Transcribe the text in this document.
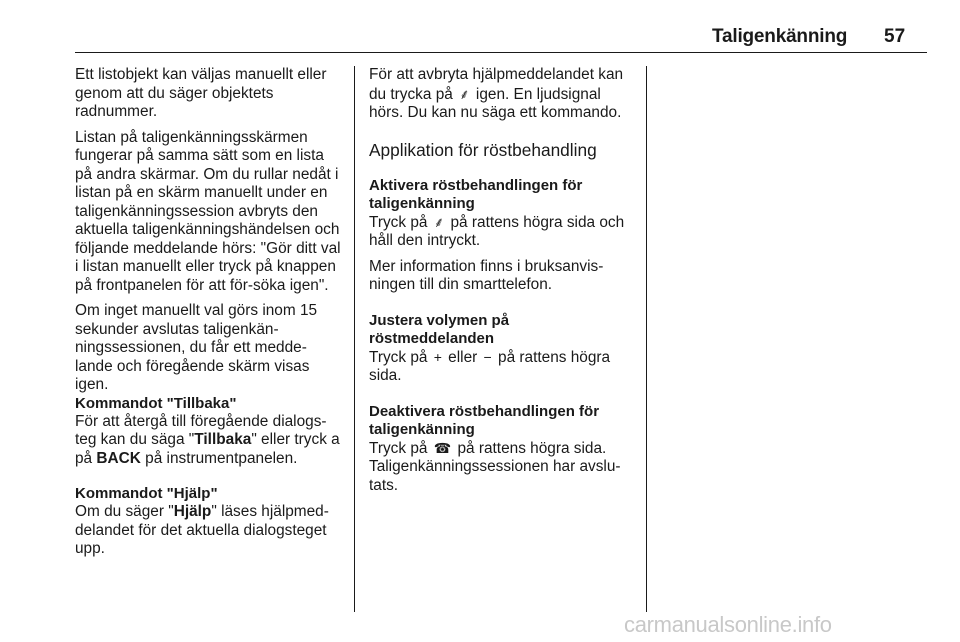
Taligenkänning 57

Ett listobjekt kan väljas manuellt eller genom att du säger objektets radnummer.

Listan på taligenkänningsskärmen fungerar på samma sätt som en lista på andra skärmar. Om du rullar nedåt i listan på en skärm manuellt under en taligenkänningssession avbryts den aktuella taligenkänningshändelsen och följande meddelande hörs: "Gör ditt val i listan manuellt eller tryck på knappen på frontpanelen för att för-söka igen".

Om inget manuellt val görs inom 15 sekunder avslutas taligenkän-ningssessionen, du får ett medde-lande och föregående skärm visas igen.

Kommandot "Tillbaka"

För att återgå till föregående dialogs-teg kan du säga "Tillbaka" eller tryck a på BACK på instrumentpanelen.

Kommandot "Hjälp"

Om du säger "Hjälp" läses hjälpmed-delandet för det aktuella dialogsteget upp.

För att avbryta hjälpmeddelandet kan du trycka på ⸙ igen. En ljudsignal hörs. Du kan nu säga ett kommando.

Applikation för röstbehandling
Aktivera röstbehandlingen för taligenkänning

Tryck på ⸙ på rattens högra sida och håll den intryckt.

Mer information finns i bruksanvis-ningen till din smarttelefon.

Justera volymen på röstmeddelanden

Tryck på + eller − på rattens högra sida.

Deaktivera röstbehandlingen för taligenkänning

Tryck på ☎ på rattens högra sida. Taligenkänningssessionen har avslu-tats.

carmanualsonline.info
